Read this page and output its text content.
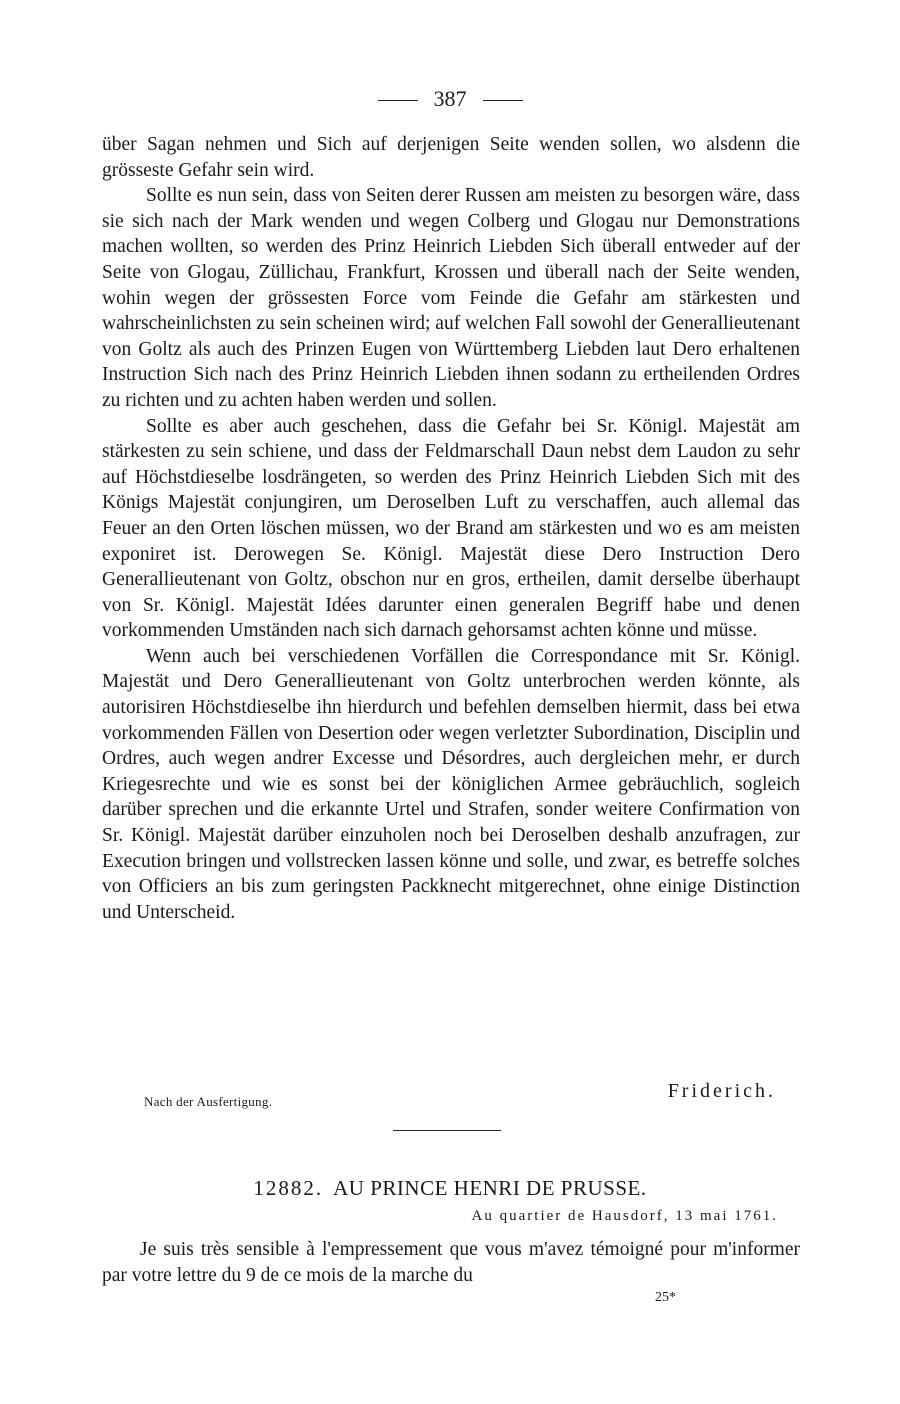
387

über Sagan nehmen und Sich auf derjenigen Seite wenden sollen, wo alsdenn die grösseste Gefahr sein wird.

Sollte es nun sein, dass von Seiten derer Russen am meisten zu besorgen wäre, dass sie sich nach der Mark wenden und wegen Colberg und Glogau nur Demonstrations machen wollten, so werden des Prinz Heinrich Liebden Sich überall entweder auf der Seite von Glogau, Züllichau, Frankfurt, Krossen und überall nach der Seite wenden, wohin wegen der grössesten Force vom Feinde die Gefahr am stärkesten und wahrscheinlichsten zu sein scheinen wird; auf welchen Fall sowohl der Generallieutenant von Goltz als auch des Prinzen Eugen von Württemberg Liebden laut Dero erhaltenen Instruction Sich nach des Prinz Heinrich Liebden ihnen sodann zu ertheilenden Ordres zu richten und zu achten haben werden und sollen.

Sollte es aber auch geschehen, dass die Gefahr bei Sr. Königl. Majestät am stärkesten zu sein schiene, und dass der Feldmarschall Daun nebst dem Laudon zu sehr auf Höchstdieselbe losdrängeten, so werden des Prinz Heinrich Liebden Sich mit des Königs Majestät conjungiren, um Deroselben Luft zu verschaffen, auch allemal das Feuer an den Orten löschen müssen, wo der Brand am stärkesten und wo es am meisten exponiret ist. Derowegen Se. Königl. Majestät diese Dero Instruction Dero Generallieutenant von Goltz, obschon nur en gros, ertheilen, damit derselbe überhaupt von Sr. Königl. Majestät Idées darunter einen generalen Begriff habe und denen vorkommenden Umständen nach sich darnach gehorsamst achten könne und müsse.

Wenn auch bei verschiedenen Vorfällen die Correspondance mit Sr. Königl. Majestät und Dero Generallieutenant von Goltz unterbrochen werden könnte, als autorisiren Höchstdieselbe ihn hierdurch und befehlen demselben hiermit, dass bei etwa vorkommenden Fällen von Desertion oder wegen verletzter Subordination, Disciplin und Ordres, auch wegen andrer Excesse und Désordres, auch dergleichen mehr, er durch Kriegesrechte und wie es sonst bei der königlichen Armee gebräuchlich, sogleich darüber sprechen und die erkannte Urtel und Strafen, sonder weitere Confirmation von Sr. Königl. Majestät darüber einzuholen noch bei Deroselben deshalb anzufragen, zur Execution bringen und vollstrecken lassen könne und solle, und zwar, es betreffe solches von Officiers an bis zum geringsten Packknecht mitgerechnet, ohne einige Distinction und Unterscheid.

Nach der Ausfertigung.	Friderich.
12882. AU PRINCE HENRI DE PRUSSE.
Au quartier de Hausdorf, 13 mai 1761.

Je suis très sensible à l'empressement que vous m'avez témoigné pour m'informer par votre lettre du 9 de ce mois de la marche du

25*
